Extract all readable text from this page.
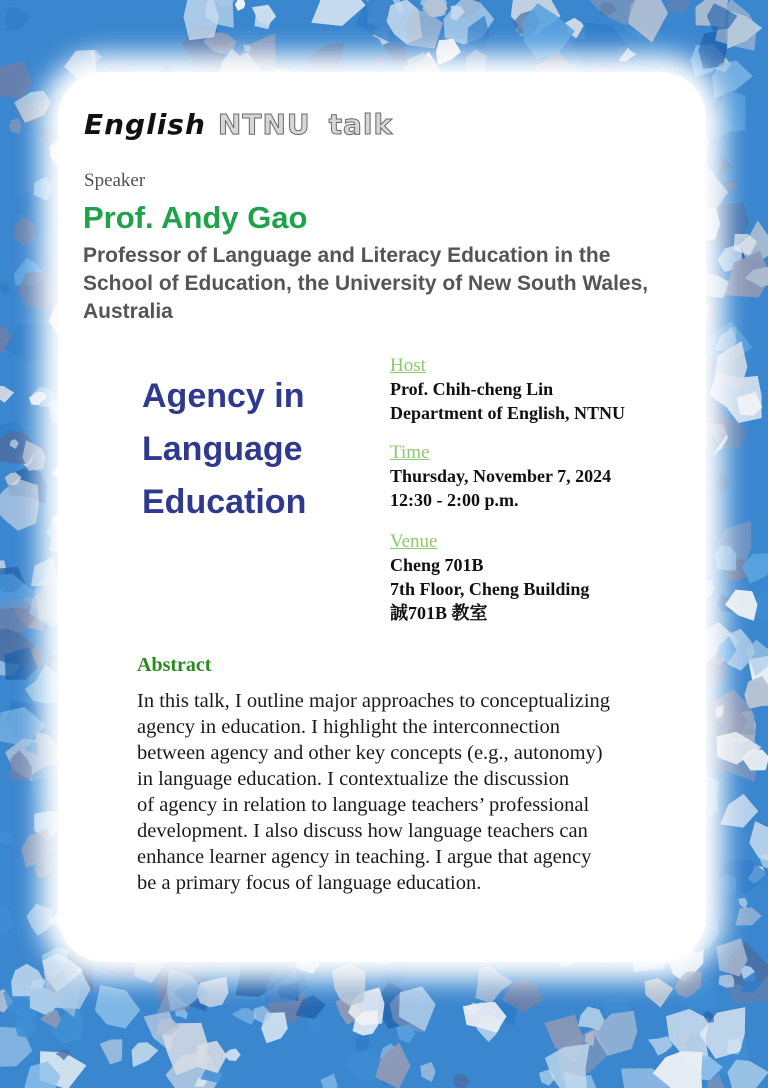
English NTNU talk
Speaker
Prof. Andy Gao
Professor of Language and Literacy Education in the
School of Education, the University of New South Wales,
Australia
Agency in
Language
Education
Host
Prof. Chih-cheng Lin
Department of English, NTNU
Time
Thursday, November 7, 2024
12:30 - 2:00 p.m.
Venue
Cheng 701B
7th Floor, Cheng Building
誠701B 教室
Abstract
In this talk, I outline major approaches to conceptualizing
agency in education. I highlight the interconnection
between agency and other key concepts (e.g., autonomy)
in language education. I contextualize the discussion
of agency in relation to language teachers’ professional
development. I also discuss how language teachers can
enhance learner agency in teaching. I argue that agency
be a primary focus of language education.
